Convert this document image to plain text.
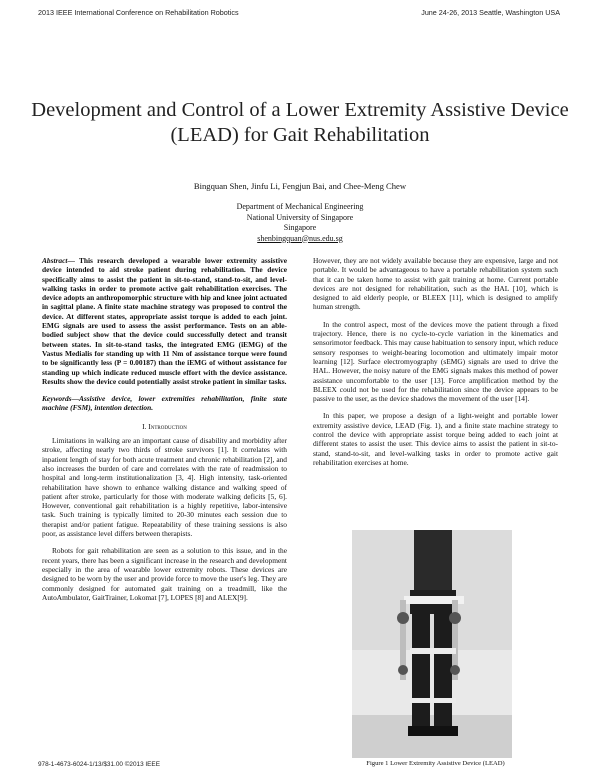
2013 IEEE International Conference on Rehabilitation Robotics	June 24-26, 2013 Seattle, Washington USA
Development and Control of a Lower Extremity Assistive Device (LEAD) for Gait Rehabilitation
Bingquan Shen, Jinfu Li, Fengjun Bai, and Chee-Meng Chew
Department of Mechanical Engineering
National University of Singapore
Singapore
shenbingquan@nus.edu.sg

Abstract— This research developed a wearable lower extremity assistive device intended to aid stroke patient during rehabilitation. The device specifically aims to assist the patient in sit-to-stand, stand-to-sit, and level-walking tasks in order to promote active gait rehabilitation exercises. The device adopts an anthropomorphic structure with hip and knee joint actuated in sagittal plane. A finite state machine strategy was proposed to control the device. At different states, appropriate assist torque is added to each joint. EMG signals are used to assess the assist performance. Tests on an able-bodied subject show that the device could successfully detect and transit between states. In sit-to-stand tasks, the integrated EMG (iEMG) of the Vastus Medialis for standing up with 11 Nm of assistance torque were found to be significantly less (P = 0.00187) than the iEMG of without assistance for standing up which indicate reduced muscle effort with the device assistance. Results show the device could potentially assist stroke patient in similar tasks.

Keywords—Assistive device, lower extremities rehabilitation, finite state machine (FSM), intention detection.

I. Introduction

Limitations in walking are an important cause of disability and morbidity after stroke, affecting nearly two thirds of stroke survivors [1]. It correlates with inpatient length of stay for both acute treatment and chronic rehabilitation [2], and also increases the burden of care and correlates with the rate of readmission to hospital and long-term institutionalization [3, 4]. High intensity, task-oriented rehabilitation have shown to enhance walking distance and walking speed of patient after stroke, particularly for those with moderate walking deficits [5, 6]. However, conventional gait rehabilitation is a highly repetitive, labor-intensive task. Such training is typically limited to 20-30 minutes each session due to therapist and/or patient fatigue. Repeatability of these training sessions is also poor, as assistance level differs between therapists.

Robots for gait rehabilitation are seen as a solution to this issue, and in the recent years, there has been a significant increase in the research and development especially in the area of wearable lower extremity robots. These devices are designed to be worn by the user and provide force to move the user's leg. They are commonly designed for automated gait training on a treadmill, like the AutoAmbulator, GaitTrainer, Lokomat [7], LOPES [8] and ALEX[9].

However, they are not widely available because they are expensive, large and not portable. It would be advantageous to have a portable rehabilitation system such that it can be taken home to assist with gait training at home. Current portable devices are not designed for rehabilitation, such as the HAL [10], which is designed to aid elderly people, or BLEEX [11], which is designed to amplify human strength.

In the control aspect, most of the devices move the patient through a fixed trajectory. Hence, there is no cycle-to-cycle variation in the kinematics and sensorimotor feedback. This may cause habituation to sensory input, which reduce sensory responses to weight-bearing locomotion and ultimately impair motor learning [12]. Surface electromyography (sEMG) signals are used to drive the HAL. However, the noisy nature of the EMG signals makes this method of power assistance uncomfortable to the user [13]. Force amplification method by the BLEEX could not be used for the rehabilitation since the device appears to be passive to the user, as the device shadows the movement of the user [14].

In this paper, we propose a design of a light-weight and portable lower extremity assistive device, LEAD (Fig. 1), and a finite state machine strategy to control the device with appropriate assist torque being added to each joint at different states to assist the user. This device aims to assist the patient in sit-to-stand, stand-to-sit, and level-walking tasks in order to promote active gait rehabilitation exercises at home.

Figure 1 Lower Extremity Assistive Device (LEAD)
978-1-4673-6024-1/13/$31.00 ©2013 IEEE
